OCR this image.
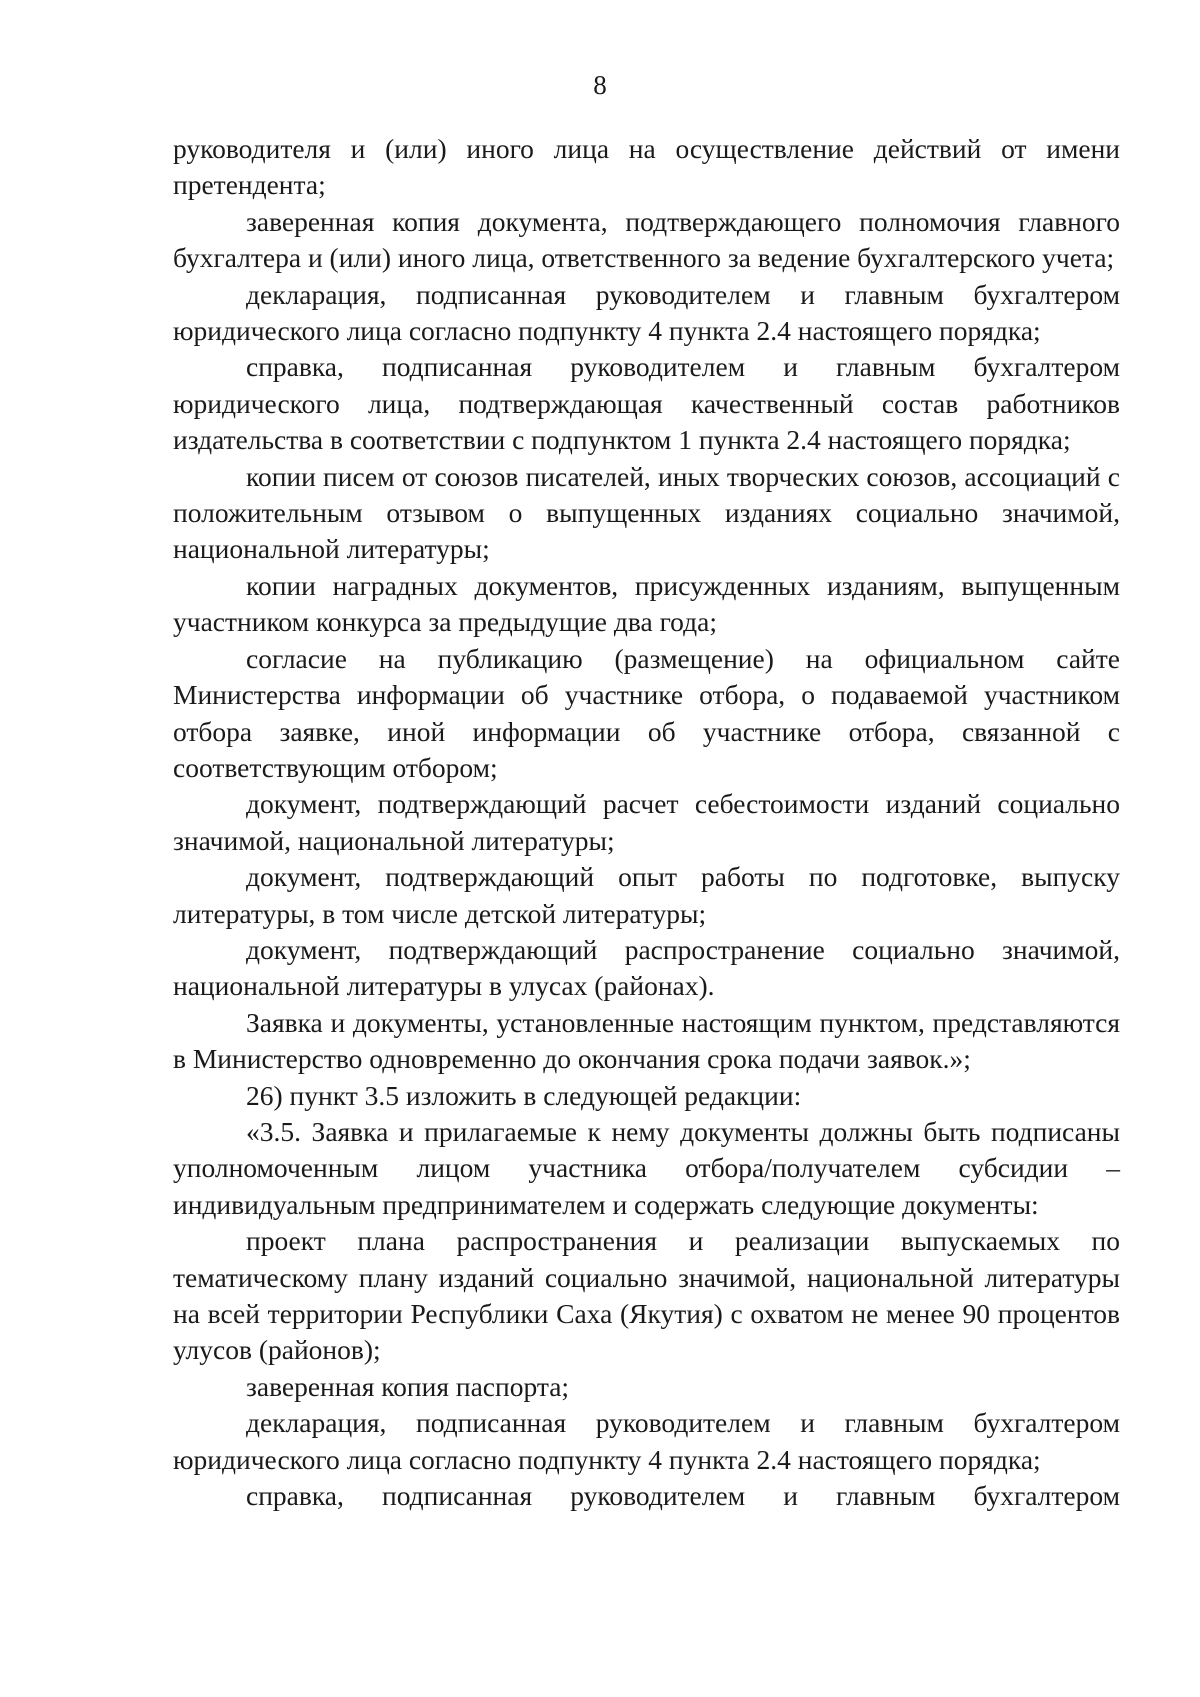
8

руководителя и (или) иного лица на осуществление действий от имени претендента;

заверенная копия документа, подтверждающего полномочия главного бухгалтера и (или) иного лица, ответственного за ведение бухгалтерского учета;

декларация, подписанная руководителем и главным бухгалтером юридического лица согласно подпункту 4 пункта 2.4 настоящего порядка;

справка, подписанная руководителем и главным бухгалтером юридического лица, подтверждающая качественный состав работников издательства в соответствии с подпунктом 1 пункта 2.4 настоящего порядка;

копии писем от союзов писателей, иных творческих союзов, ассоциаций с положительным отзывом о выпущенных изданиях социально значимой, национальной литературы;

копии наградных документов, присужденных изданиям, выпущенным участником конкурса за предыдущие два года;

согласие на публикацию (размещение) на официальном сайте Министерства информации об участнике отбора, о подаваемой участником отбора заявке, иной информации об участнике отбора, связанной с соответствующим отбором;

документ, подтверждающий расчет себестоимости изданий социально значимой, национальной литературы;

документ, подтверждающий опыт работы по подготовке, выпуску литературы, в том числе детской литературы;

документ, подтверждающий распространение социально значимой, национальной литературы в улусах (районах).

Заявка и документы, установленные настоящим пунктом, представляются в Министерство одновременно до окончания срока подачи заявок.»;

26) пункт 3.5 изложить в следующей редакции:

«3.5. Заявка и прилагаемые к нему документы должны быть подписаны уполномоченным лицом участника отбора/получателем субсидии – индивидуальным предпринимателем и содержать следующие документы:

проект плана распространения и реализации выпускаемых по тематическому плану изданий социально значимой, национальной литературы на всей территории Республики Саха (Якутия) с охватом не менее 90 процентов улусов (районов);

заверенная копия паспорта;

декларация, подписанная руководителем и главным бухгалтером юридического лица согласно подпункту 4 пункта 2.4 настоящего порядка;

справка, подписанная руководителем и главным бухгалтером
